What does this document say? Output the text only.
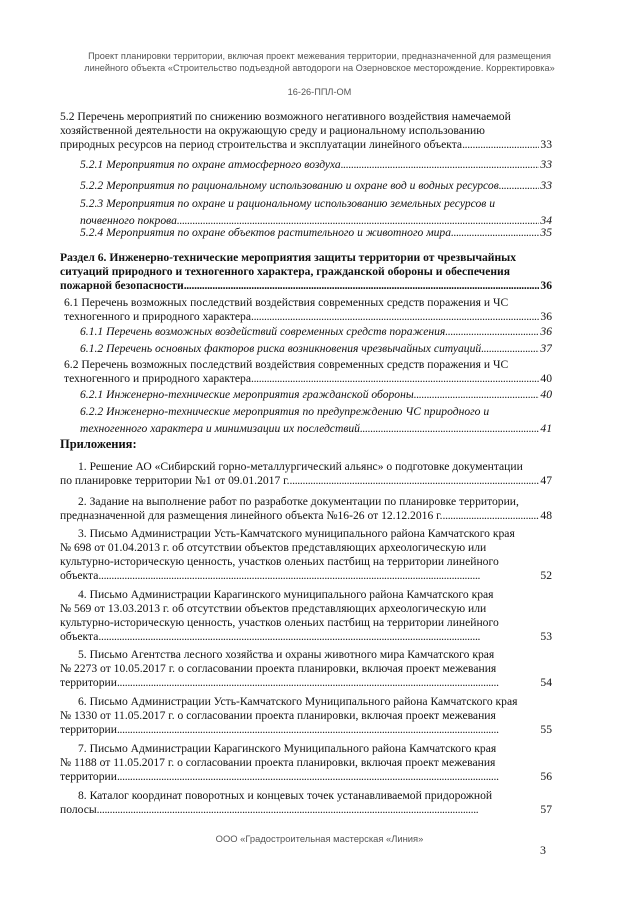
Проект планировки территории, включая проект межевания территории, предназначенной для размещения
линейного объекта «Строительство подъездной автодороги на Озерновское месторождение. Корректировка»
16-26-ППЛ-ОМ
5.2 Перечень мероприятий по снижению возможного негативного воздействия намечаемой
хозяйственной деятельности на окружающую среду и рациональному использованию
природных ресурсов на период строительства и эксплуатации линейного объекта . . .	33
5.2.1 Мероприятия по охране атмосферного воздуха . . .	33
5.2.2 Мероприятия по рациональному использованию и охране вод и водных ресурсов . . .	33
5.2.3 Мероприятия по охране и рациональному использованию земельных ресурсов и
почвенного покрова . . .	34
5.2.4 Мероприятия по охране объектов растительного и животного мира . . .	35
Раздел 6. Инженерно-технические мероприятия защиты территории от чрезвычайных
ситуаций природного и техногенного характера, гражданской обороны и обеспечения
пожарной безопасности . . .	36
6.1 Перечень возможных последствий воздействия современных средств поражения и ЧС
техногенного и природного характера . . .	36
6.1.1 Перечень возможных воздействий современных средств поражения . . .	36
6.1.2 Перечень основных факторов риска возникновения чрезвычайных ситуаций . . .	37
6.2 Перечень возможных последствий воздействия современных средств поражения и ЧС
техногенного и природного характера . . .	40
6.2.1 Инженерно-технические мероприятия гражданской обороны . . .	40
6.2.2 Инженерно-технические мероприятия по предупреждению ЧС природного и
техногенного характера и минимизации их последствий . . .	41
Приложения:
1. Решение АО «Сибирский горно-металлургический альянс» о подготовке документации
по планировке территории №1 от 09.01.2017 г. . . .	47
2. Задание на выполнение работ по разработке документации по планировке территории,
предназначенной для размещения линейного объекта №16-26 от 12.12.2016 г. . . .	48
3. Письмо Администрации Усть-Камчатского муниципального района Камчатского края
№ 698 от 01.04.2013 г. об отсутствии объектов представляющих археологическую или
культурно-историческую ценность, участков оленьих пастбищ на территории линейного
объекта . . .	52
4. Письмо Администрации Карагинского муниципального района Камчатского края
№ 569 от 13.03.2013 г. об отсутствии объектов представляющих археологическую или
культурно-историческую ценность, участков оленьих пастбищ на территории линейного
объекта . . .	53
5. Письмо Агентства лесного хозяйства и охраны животного мира Камчатского края
№ 2273 от 10.05.2017 г. о согласовании проекта планировки, включая проект межевания
территории . . .	54
6. Письмо Администрации Усть-Камчатского Муниципального района Камчатского края
№ 1330 от 11.05.2017 г. о согласовании проекта планировки, включая проект межевания
территории . . .	55
7. Письмо Администрации Карагинского Муниципального района Камчатского края
№ 1188 от 11.05.2017 г. о согласовании проекта планировки, включая проект межевания
территории . . .	56
8. Каталог координат поворотных и концевых точек устанавливаемой придорожной
полосы . . .	57
ООО «Градостроительная мастерская «Линия»
3
